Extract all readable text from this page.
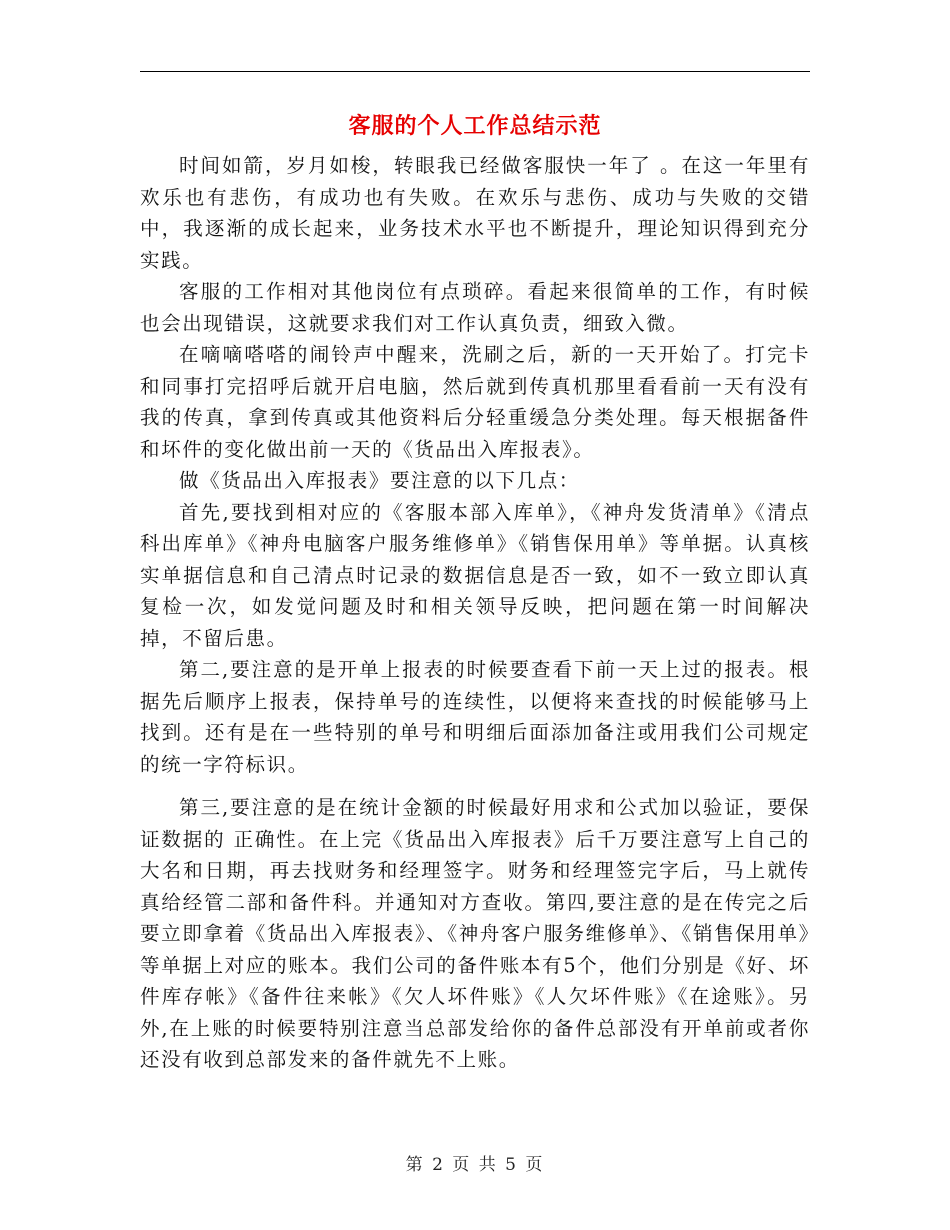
客服的个人工作总结示范

时间如箭，岁月如梭，转眼我已经做客服快一年了 。在这一年里有欢乐也有悲伤，有成功也有失败。在欢乐与悲伤、成功与失败的交错中，我逐渐的成长起来，业务技术水平也不断提升，理论知识得到充分实践。

客服的工作相对其他岗位有点琐碎。看起来很简单的工作，有时候也会出现错误，这就要求我们对工作认真负责，细致入微。

在嘀嘀嗒嗒的闹铃声中醒来，洗刷之后，新的一天开始了。打完卡和同事打完招呼后就开启电脑，然后就到传真机那里看看前一天有没有我的传真，拿到传真或其他资料后分轻重缓急分类处理。每天根据备件和坏件的变化做出前一天的《货品出入库报表》。

做《货品出入库报表》要注意的以下几点：

首先,要找到相对应的《客服本部入库单》，《神舟发货清单》《清点科出库单》《神舟电脑客户服务维修单》《销售保用单》等单据。认真核实单据信息和自己清点时记录的数据信息是否一致，如不一致立即认真复检一次，如发觉问题及时和相关领导反映，把问题在第一时间解决掉，不留后患。

第二,要注意的是开单上报表的时候要查看下前一天上过的报表。根据先后顺序上报表，保持单号的连续性，以便将来查找的时候能够马上找到。还有是在一些特别的单号和明细后面添加备注或用我们公司规定的统一字符标识。

第三,要注意的是在统计金额的时候最好用求和公式加以验证，要保证数据的 正确性。在上完《货品出入库报表》后千万要注意写上自己的大名和日期，再去找财务和经理签字。财务和经理签完字后，马上就传真给经管二部和备件科。并通知对方查收。第四,要注意的是在传完之后要立即拿着《货品出入库报表》、《神舟客户服务维修单》、《销售保用单》等单据上对应的账本。我们公司的备件账本有5个，他们分别是《好、坏件库存帐》《备件往来帐》《欠人坏件账》《人欠坏件账》《在途账》。另外,在上账的时候要特别注意当总部发给你的备件总部没有开单前或者你还没有收到总部发来的备件就先不上账。

第 2 页 共 5 页
